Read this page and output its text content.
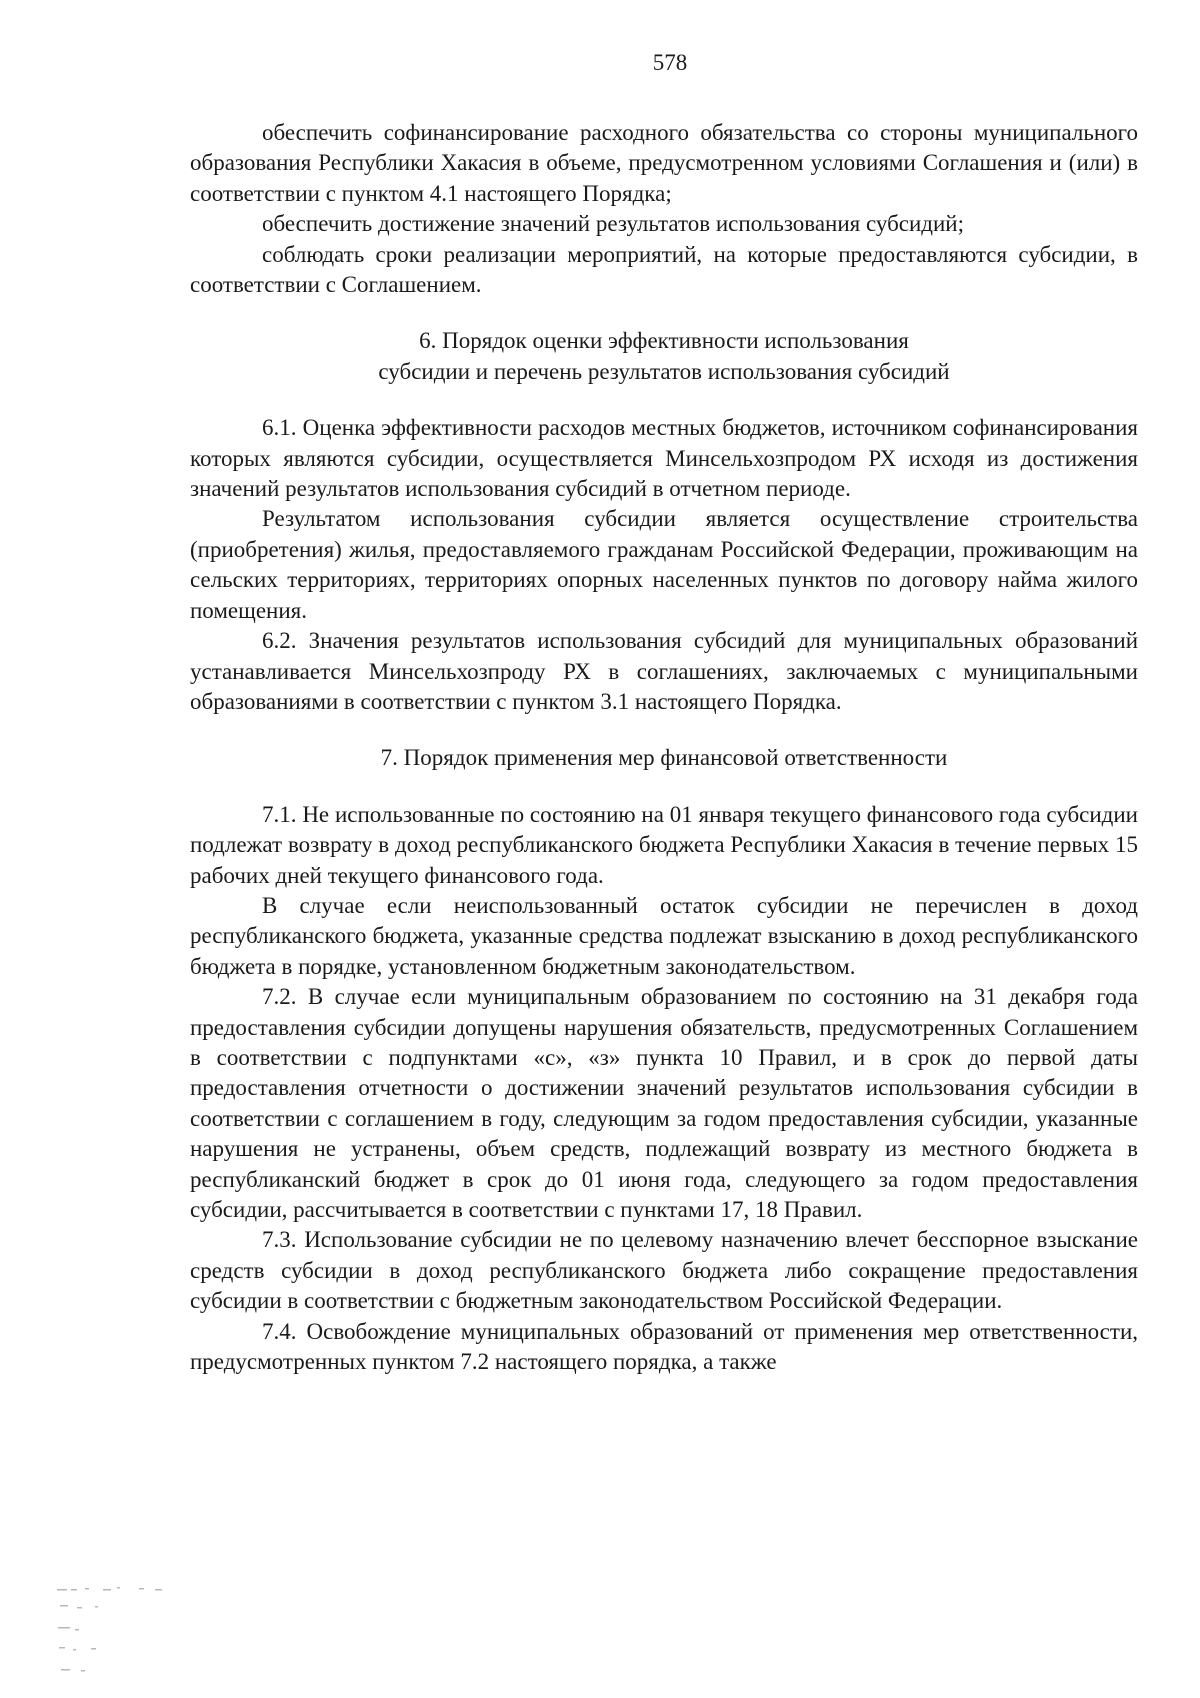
578

обеспечить софинансирование расходного обязательства со стороны муниципального образования Республики Хакасия в объеме, предусмотренном условиями Соглашения и (или) в соответствии с пунктом 4.1 настоящего Порядка;

обеспечить достижение значений результатов использования субсидий;

соблюдать сроки реализации мероприятий, на которые предоставляются субсидии, в соответствии с Соглашением.

6. Порядок оценки эффективности использования
субсидии и перечень результатов использования субсидий

6.1. Оценка эффективности расходов местных бюджетов, источником софинансирования которых являются субсидии, осуществляется Минсельхозпродом РХ исходя из достижения значений результатов использования субсидий в отчетном периоде.

Результатом использования субсидии является осуществление строительства (приобретения) жилья, предоставляемого гражданам Российской Федерации, проживающим на сельских территориях, территориях опорных населенных пунктов по договору найма жилого помещения.

6.2. Значения результатов использования субсидий для муниципальных образований устанавливается Минсельхозпроду РХ в соглашениях, заключаемых с муниципальными образованиями в соответствии с пунктом 3.1 настоящего Порядка.

7. Порядок применения мер финансовой ответственности

7.1. Не использованные по состоянию на 01 января текущего финансового года субсидии подлежат возврату в доход республиканского бюджета Республики Хакасия в течение первых 15 рабочих дней текущего финансового года.

В случае если неиспользованный остаток субсидии не перечислен в доход республиканского бюджета, указанные средства подлежат взысканию в доход республиканского бюджета в порядке, установленном бюджетным законодательством.

7.2. В случае если муниципальным образованием по состоянию на 31 декабря года предоставления субсидии допущены нарушения обязательств, предусмотренных Соглашением в соответствии с подпунктами «с», «з» пункта 10 Правил, и в срок до первой даты предоставления отчетности о достижении значений результатов использования субсидии в соответствии с соглашением в году, следующим за годом предоставления субсидии, указанные нарушения не устранены, объем средств, подлежащий возврату из местного бюджета в республиканский бюджет в срок до 01 июня года, следующего за годом предоставления субсидии, рассчитывается в соответствии с пунктами 17, 18 Правил.

7.3. Использование субсидии не по целевому назначению влечет бесспорное взыскание средств субсидии в доход республиканского бюджета либо сокращение предоставления субсидии в соответствии с бюджетным законодательством Российской Федерации.

7.4. Освобождение муниципальных образований от применения мер ответственности, предусмотренных пунктом 7.2 настоящего порядка, а также
